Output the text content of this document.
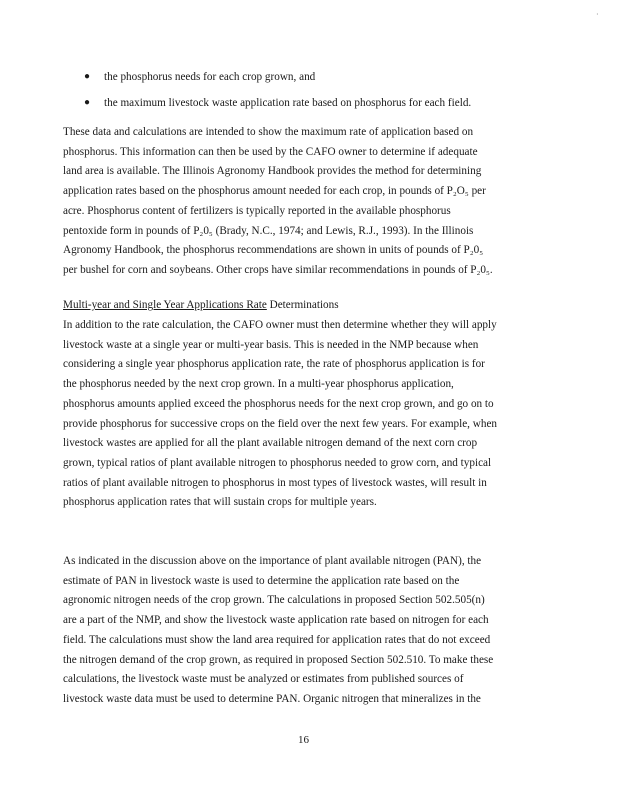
·
● the phosphorus needs for each crop grown, and
● the maximum livestock waste application rate based on phosphorus for each field.
These data and calculations are intended to show the maximum rate of application based on
phosphorus. This information can then be used by the CAFO owner to determine if adequate
land area is available. The Illinois Agronomy Handbook provides the method for determining
application rates based on the phosphorus amount needed for each crop, in pounds of P₂O₅ per
acre. Phosphorus content of fertilizers is typically reported in the available phosphorus
pentoxide form in pounds of P₂0₅ (Brady, N.C., 1974; and Lewis, R.J., 1993). In the Illinois
Agronomy Handbook, the phosphorus recommendations are shown in units of pounds of P₂0₅
per bushel for corn and soybeans. Other crops have similar recommendations in pounds of P₂0₅.
Multi-year and Single Year Applications Rate Determinations
In addition to the rate calculation, the CAFO owner must then determine whether they will apply
livestock waste at a single year or multi-year basis. This is needed in the NMP because when
considering a single year phosphorus application rate, the rate of phosphorus application is for
the phosphorus needed by the next crop grown. In a multi-year phosphorus application,
phosphorus amounts applied exceed the phosphorus needs for the next crop grown, and go on to
provide phosphorus for successive crops on the field over the next few years. For example, when
livestock wastes are applied for all the plant available nitrogen demand of the next corn crop
grown, typical ratios of plant available nitrogen to phosphorus needed to grow corn, and typical
ratios of plant available nitrogen to phosphorus in most types of livestock wastes, will result in
phosphorus application rates that will sustain crops for multiple years.
As indicated in the discussion above on the importance of plant available nitrogen (PAN), the
estimate of PAN in livestock waste is used to determine the application rate based on the
agronomic nitrogen needs of the crop grown. The calculations in proposed Section 502.505(n)
are a part of the NMP, and show the livestock waste application rate based on nitrogen for each
field. The calculations must show the land area required for application rates that do not exceed
the nitrogen demand of the crop grown, as required in proposed Section 502.510. To make these
calculations, the livestock waste must be analyzed or estimates from published sources of
livestock waste data must be used to determine PAN. Organic nitrogen that mineralizes in the
16
